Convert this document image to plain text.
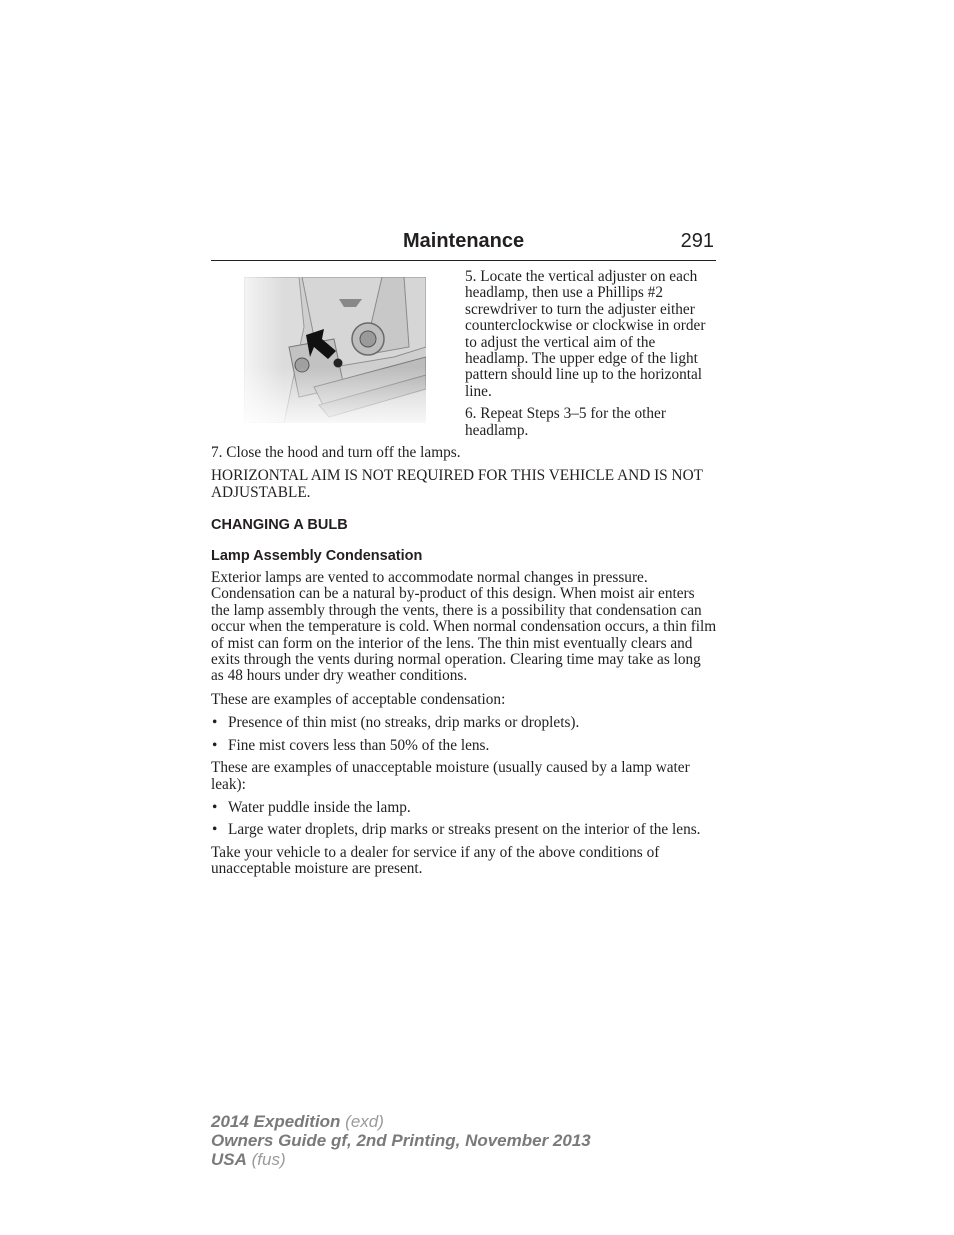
Maintenance	291

5. Locate the vertical adjuster on each headlamp, then use a Phillips #2 screwdriver to turn the adjuster either counterclockwise or clockwise in order to adjust the vertical aim of the headlamp. The upper edge of the light pattern should line up to the horizontal line.

6. Repeat Steps 3–5 for the other headlamp.

7. Close the hood and turn off the lamps.

HORIZONTAL AIM IS NOT REQUIRED FOR THIS VEHICLE AND IS NOT ADJUSTABLE.

CHANGING A BULB
Lamp Assembly Condensation

Exterior lamps are vented to accommodate normal changes in pressure. Condensation can be a natural by-product of this design. When moist air enters the lamp assembly through the vents, there is a possibility that condensation can occur when the temperature is cold. When normal condensation occurs, a thin film of mist can form on the interior of the lens. The thin mist eventually clears and exits through the vents during normal operation. Clearing time may take as long as 48 hours under dry weather conditions.

These are examples of acceptable condensation:

• Presence of thin mist (no streaks, drip marks or droplets).
• Fine mist covers less than 50% of the lens.

These are examples of unacceptable moisture (usually caused by a lamp water leak):

• Water puddle inside the lamp.
• Large water droplets, drip marks or streaks present on the interior of the lens.

Take your vehicle to a dealer for service if any of the above conditions of unacceptable moisture are present.

2014 Expedition (exd)
Owners Guide gf, 2nd Printing, November 2013
USA (fus)
